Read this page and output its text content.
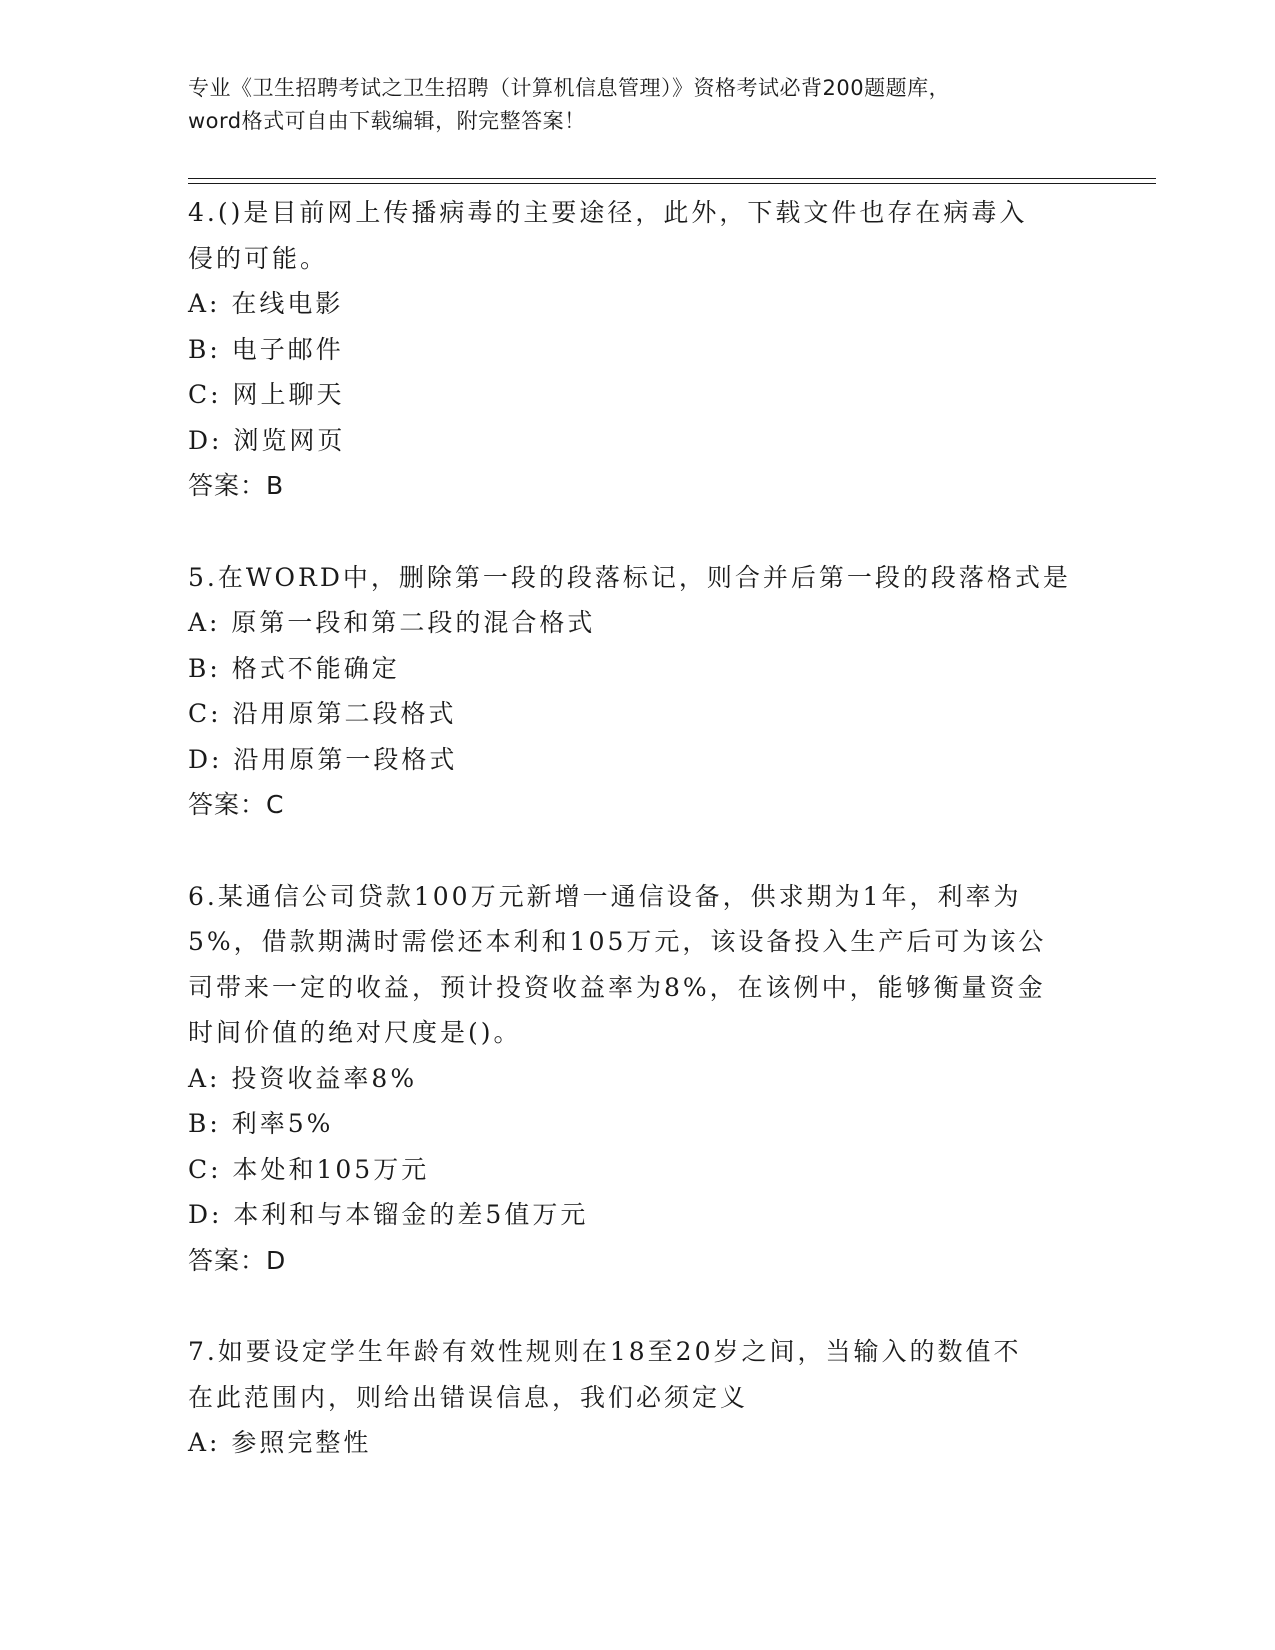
专业《卫生招聘考试之卫生招聘（计算机信息管理）》资格考试必背200题题库，
word格式可自由下载编辑，附完整答案！
4.()是目前网上传播病毒的主要途径，此外，下载文件也存在病毒入
侵的可能。
A: 在线电影
B: 电子邮件
C: 网上聊天
D: 浏览网页
答案：B
5.在WORD中，删除第一段的段落标记，则合并后第一段的段落格式是
A: 原第一段和第二段的混合格式
B: 格式不能确定
C: 沿用原第二段格式
D: 沿用原第一段格式
答案：C
6.某通信公司贷款100万元新增一通信设备，供求期为1年，利率为
5%，借款期满时需偿还本利和105万元，该设备投入生产后可为该公
司带来一定的收益，预计投资收益率为8%，在该例中，能够衡量资金
时间价值的绝对尺度是()。
A: 投资收益率8%
B: 利率5%
C: 本处和105万元
D: 本利和与本镏金的差5值万元
答案：D
7.如要设定学生年龄有效性规则在18至20岁之间，当输入的数值不
在此范围内，则给出错误信息，我们必须定义
A: 参照完整性
